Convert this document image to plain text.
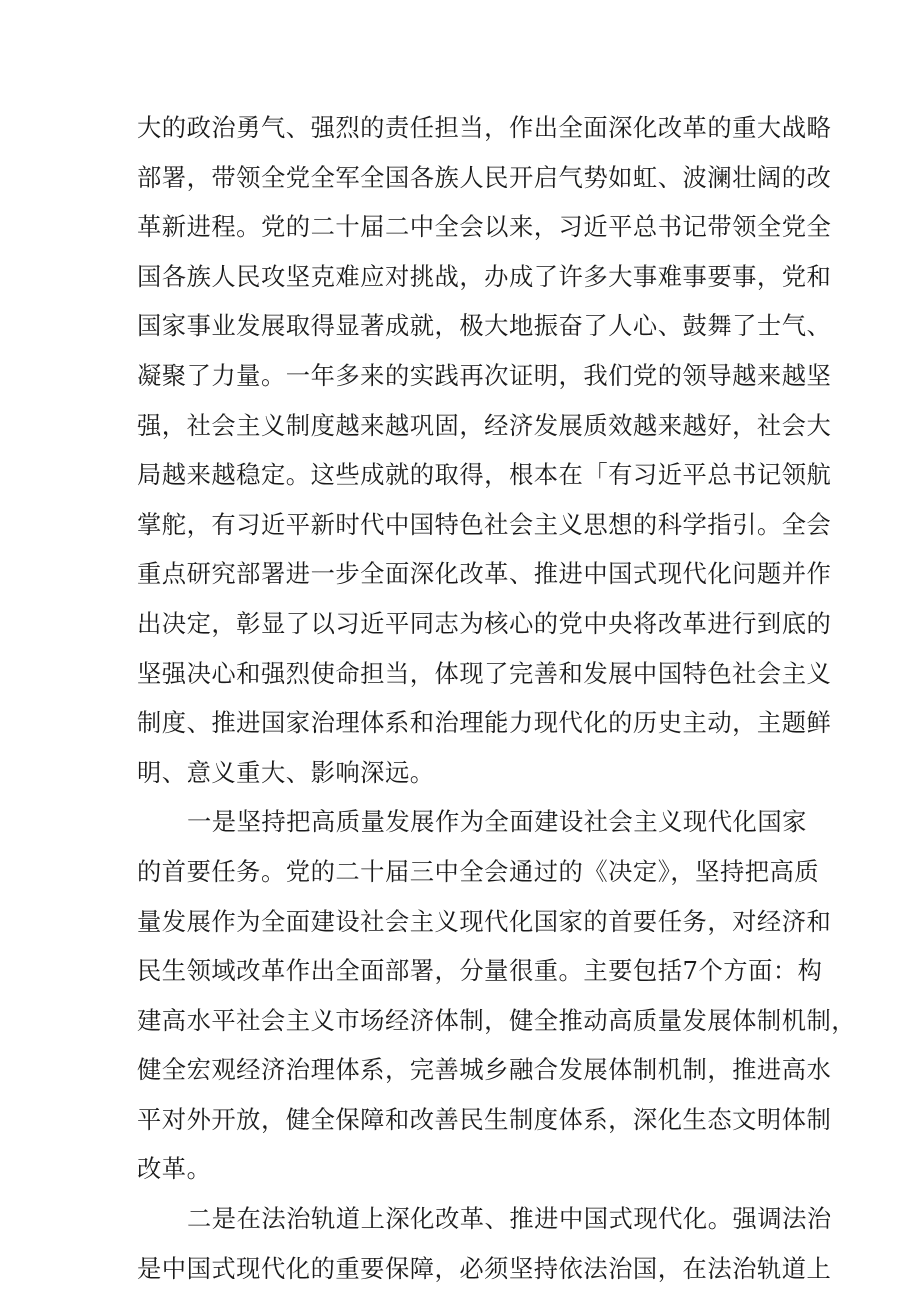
大的政治勇气、强烈的责任担当，作出全面深化改革的重大战略
部署，带领全党全军全国各族人民开启气势如虹、波澜壮阔的改
革新进程。党的二十届二中全会以来，习近平总书记带领全党全
国各族人民攻坚克难应对挑战，办成了许多大事难事要事，党和
国家事业发展取得显著成就，极大地振奋了人心、鼓舞了士气、
凝聚了力量。一年多来的实践再次证明，我们党的领导越来越坚
强，社会主义制度越来越巩固，经济发展质效越来越好，社会大
局越来越稳定。这些成就的取得，根本在「有习近平总书记领航
掌舵，有习近平新时代中国特色社会主义思想的科学指引。全会
重点研究部署进一步全面深化改革、推进中国式现代化问题并作
出决定，彰显了以习近平同志为核心的党中央将改革进行到底的
坚强决心和强烈使命担当，体现了完善和发展中国特色社会主义
制度、推进国家治理体系和治理能力现代化的历史主动，主题鲜
明、意义重大、影响深远。
一是坚持把高质量发展作为全面建设社会主义现代化国家
的首要任务。党的二十届三中全会通过的《决定》，坚持把高质
量发展作为全面建设社会主义现代化国家的首要任务，对经济和
民生领域改革作出全面部署，分量很重。主要包括7个方面：构
建高水平社会主义市场经济体制，健全推动高质量发展体制机制，
健全宏观经济治理体系，完善城乡融合发展体制机制，推进高水
平对外开放，健全保障和改善民生制度体系，深化生态文明体制
改革。
二是在法治轨道上深化改革、推进中国式现代化。强调法治
是中国式现代化的重要保障，必须坚持依法治国，在法治轨道上
